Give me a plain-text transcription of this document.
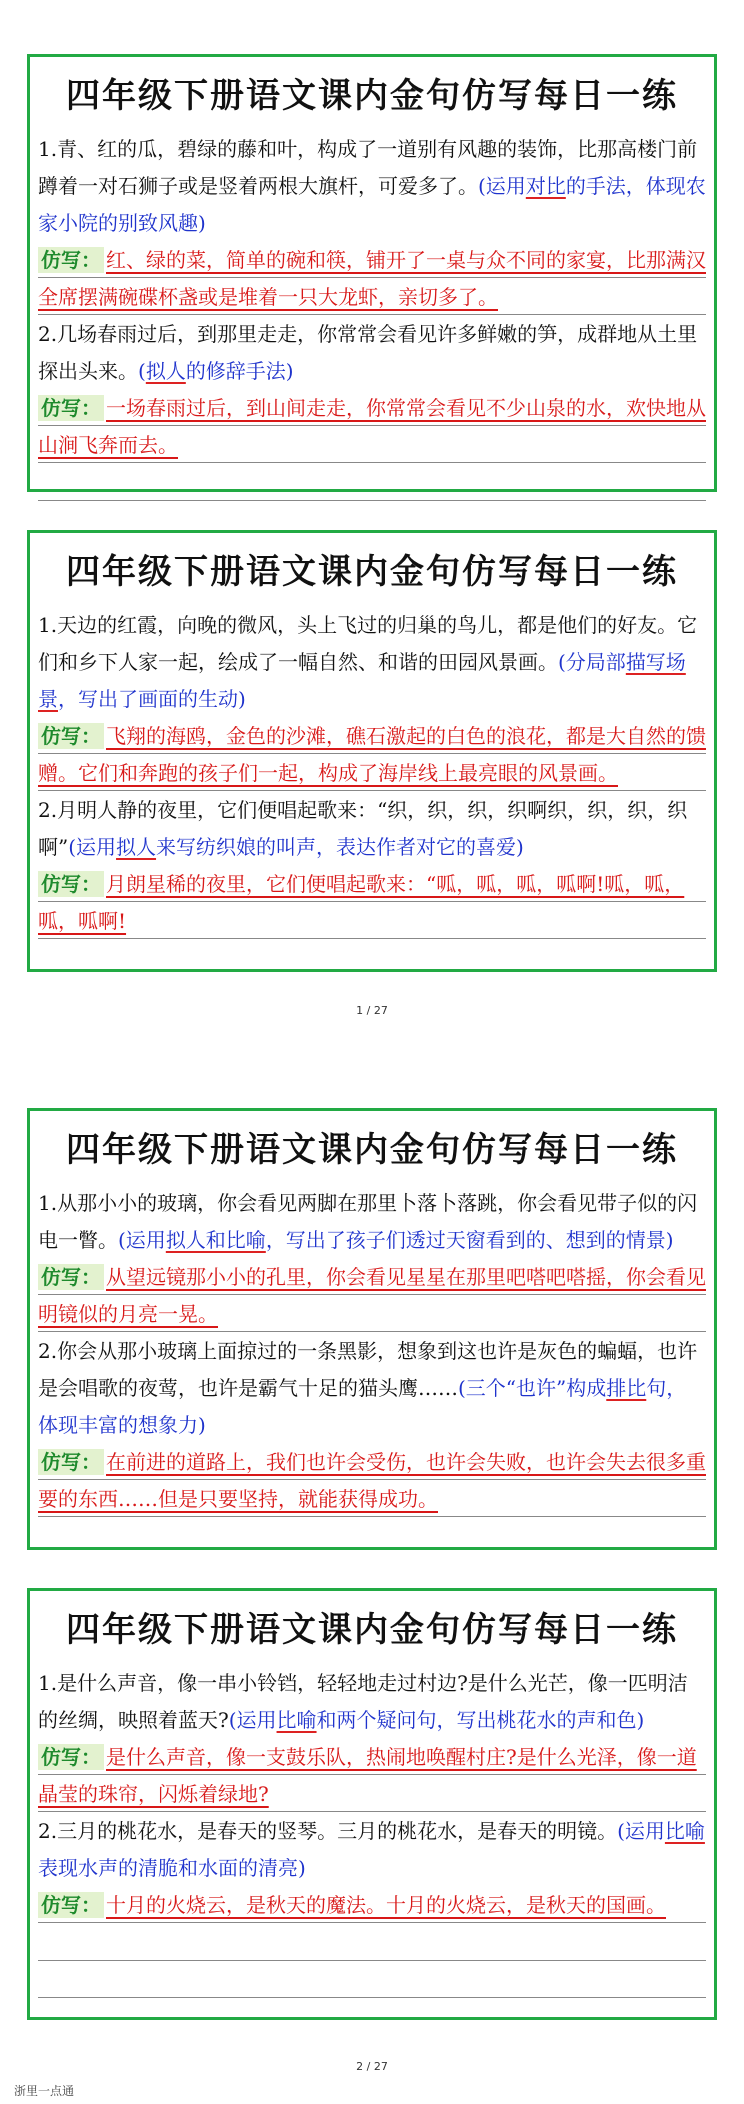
四年级下册语文课内金句仿写每日一练

1.青、红的瓜，碧绿的藤和叶，构成了一道别有风趣的装饰，比那高楼门前蹲着一对石狮子或是竖着两根大旗杆，可爱多了。(运用对比的手法，体现农家小院的别致风趣)

仿写： 红、绿的菜，简单的碗和筷，铺开了一桌与众不同的家宴，比那满汉全席摆满碗碟杯盏或是堆着一只大龙虾，亲切多了。

2.几场春雨过后，到那里走走，你常常会看见许多鲜嫩的笋，成群地从土里探出头来。(拟人的修辞手法)

仿写： 一场春雨过后，到山间走走，你常常会看见不少山泉的水，欢快地从山涧飞奔而去。

四年级下册语文课内金句仿写每日一练

1.天边的红霞，向晚的微风，头上飞过的归巢的鸟儿，都是他们的好友。它们和乡下人家一起，绘成了一幅自然、和谐的田园风景画。(分局部描写场景，写出了画面的生动)

仿写： 飞翔的海鸥，金色的沙滩，礁石激起的白色的浪花，都是大自然的馈赠。它们和奔跑的孩子们一起，构成了海岸线上最亮眼的风景画。

2.月明人静的夜里，它们便唱起歌来：“织，织，织，织啊织，织，织，织啊”(运用拟人来写纺织娘的叫声，表达作者对它的喜爱)

仿写： 月朗星稀的夜里，它们便唱起歌来：“呱，呱，呱，呱啊!呱，呱，呱，呱啊!

1 / 27
四年级下册语文课内金句仿写每日一练

1.从那小小的玻璃，你会看见两脚在那里卜落卜落跳，你会看见带子似的闪电一瞥。(运用拟人和比喻，写出了孩子们透过天窗看到的、想到的情景)

仿写： 从望远镜那小小的孔里，你会看见星星在那里吧嗒吧嗒摇，你会看见明镜似的月亮一晃。

2.你会从那小玻璃上面掠过的一条黑影，想象到这也许是灰色的蝙蝠，也许是会唱歌的夜莺，也许是霸气十足的猫头鹰……(三个“也许”构成排比句，体现丰富的想象力)

仿写： 在前进的道路上，我们也许会受伤，也许会失败，也许会失去很多重要的东西……但是只要坚持，就能获得成功。

四年级下册语文课内金句仿写每日一练

1.是什么声音，像一串小铃铛，轻轻地走过村边?是什么光芒，像一匹明洁的丝绸，映照着蓝天?(运用比喻和两个疑问句，写出桃花水的声和色)

仿写： 是什么声音，像一支鼓乐队，热闹地唤醒村庄?是什么光泽，像一道晶莹的珠帘，闪烁着绿地?

2.三月的桃花水，是春天的竖琴。三月的桃花水，是春天的明镜。(运用比喻表现水声的清脆和水面的清亮)

仿写： 十月的火烧云，是秋天的魔法。十月的火烧云，是秋天的国画。

2 / 27
浙里一点通
